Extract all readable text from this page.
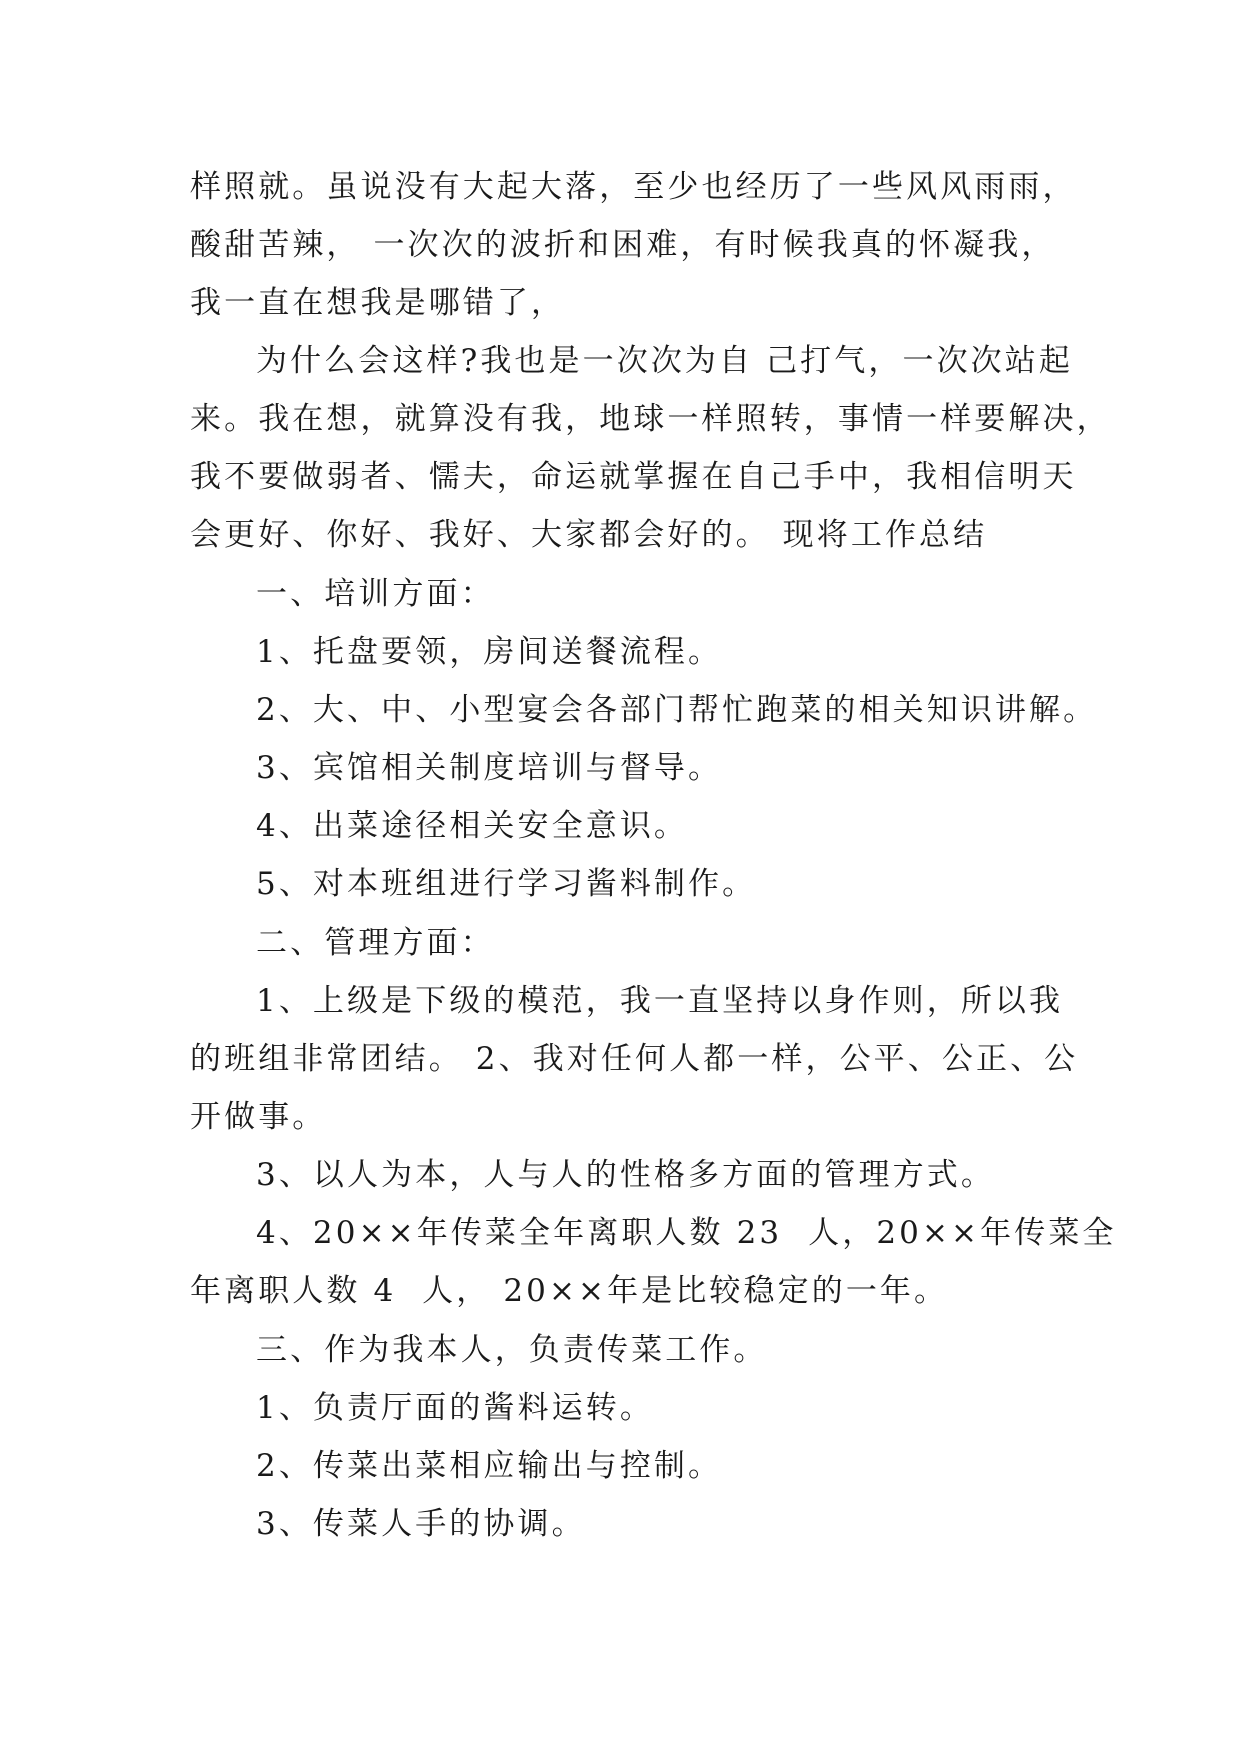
样照就。虽说没有大起大落，至少也经历了一些风风雨雨，
酸甜苦辣， 一次次的波折和困难，有时候我真的怀凝我，
我一直在想我是哪错了，
为什么会这样?我也是一次次为自 己打气，一次次站起
来。我在想，就算没有我，地球一样照转，事情一样要解决，
我不要做弱者、懦夫，命运就掌握在自己手中，我相信明天
会更好、你好、我好、大家都会好的。 现将工作总结
一、培训方面：
1、托盘要领，房间送餐流程。
2、大、中、小型宴会各部门帮忙跑菜的相关知识讲解。
3、宾馆相关制度培训与督导。
4、出菜途径相关安全意识。
5、对本班组进行学习酱料制作。
二、管理方面：
1、上级是下级的模范，我一直坚持以身作则，所以我
的班组非常团结。 2、我对任何人都一样，公平、公正、公
开做事。
3、以人为本，人与人的性格多方面的管理方式。
4、20××年传菜全年离职人数 23  人，20××年传菜全
年离职人数 4  人， 20××年是比较稳定的一年。
三、作为我本人，负责传菜工作。
1、负责厅面的酱料运转。
2、传菜出菜相应输出与控制。
3、传菜人手的协调。
